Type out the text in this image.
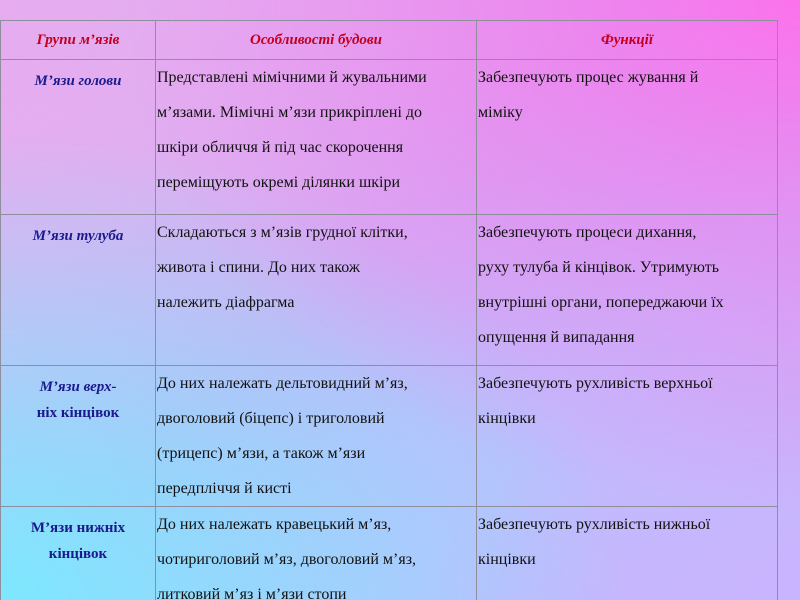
Групи м’язів	Особливості будови	Функції

М’язи голови	Представлені мімічними й жувальними
м’язами. Мімічні м’язи прикріплені до
шкіри обличчя й під час скорочення
переміщують окремі ділянки шкіри	Забезпечують процес жування й
міміку

М’язи тулуба	Складаються з м’язів грудної клітки,
живота і спини. До них також
належить діафрагма	Забезпечують процеси дихання,
руху тулуба й кінцівок. Утримують
внутрішні органи, попереджаючи їх
опущення й випадання

М’язи верх-
ніх кінцівок	До них належать дельтовидний м’яз,
двоголовий (біцепс) і триголовий
(трицепс) м’язи, а також м’язи
передпліччя й кисті	Забезпечують рухливість верхньої
кінцівки

М’язи нижніх
кінцівок	До них належать кравецький м’яз,
чотириголовий м’яз, двоголовий м’яз,
литковий м’яз і м’язи стопи	Забезпечують рухливість нижньої
кінцівки
